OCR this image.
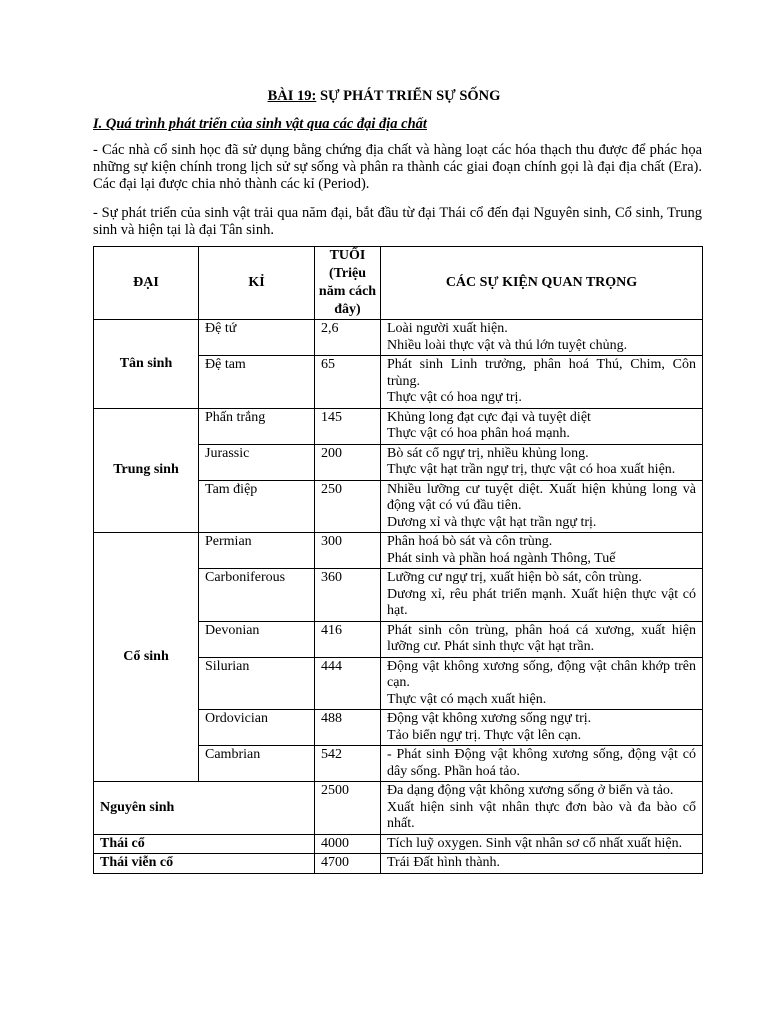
BÀI 19: SỰ PHÁT TRIỂN SỰ SỐNG
I. Quá trình phát triển của sinh vật qua các đại địa chất
- Các nhà cổ sinh học đã sử dụng bằng chứng địa chất và hàng loạt các hóa thạch thu được để phác họa những sự kiện chính trong lịch sử sự sống và phân ra thành các giai đoạn chính gọi là đại địa chất (Era). Các đại lại được chia nhỏ thành các kỉ (Period).
- Sự phát triển của sinh vật trải qua năm đại, bắt đầu từ đại Thái cổ đến đại Nguyên sinh, Cổ sinh, Trung sinh và hiện tại là đại Tân sinh.
ĐẠI	KỈ	TUỔI (Triệu năm cách đây)	CÁC SỰ KIỆN QUAN TRỌNG
Tân sinh	Đệ tứ	2,6	Loài người xuất hiện.
Nhiều loài thực vật và thú lớn tuyệt chủng.

	Đệ tam	65	Phát sinh Linh trưởng, phân hoá Thú, Chim, Côn trùng.
Thực vật có hoa ngự trị.

Trung sinh	Phấn trắng	145	Khủng long đạt cực đại và tuyệt diệt
Thực vật có hoa phân hoá mạnh.

	Jurassic	200	Bò sát cổ ngự trị, nhiều khủng long.
Thực vật hạt trần ngự trị, thực vật có hoa xuất hiện.

	Tam điệp	250	Nhiều lưỡng cư tuyệt diệt. Xuất hiện khủng long và động vật có vú đầu tiên.
Dương xỉ và thực vật hạt trần ngự trị.

Cổ sinh	Permian	300	Phân hoá bò sát và côn trùng.
Phát sinh và phần hoá ngành Thông, Tuế

	Carboniferous	360	Lưỡng cư ngự trị, xuất hiện bò sát, côn trùng.
Dương xỉ, rêu phát triển mạnh. Xuất hiện thực vật có hạt.

	Devonian	416	Phát sinh côn trùng, phân hoá cá xương, xuất hiện lưỡng cư. Phát sinh thực vật hạt trần.

	Silurian	444	Động vật không xương sống, động vật chân khớp trên cạn.
Thực vật có mạch xuất hiện.

	Ordovician	488	Động vật không xương sống ngự trị.
Tảo biển ngự trị. Thực vật lên cạn.

	Cambrian	542	- Phát sinh Động vật không xương sống, động vật có dây sống. Phần hoá tảo.

Nguyên sinh		2500	Đa dạng động vật không xương sống ở biển và tảo.
Xuất hiện sinh vật nhân thực đơn bào và đa bào cổ nhất.

Thái cổ		4000	Tích luỹ oxygen. Sinh vật nhân sơ cổ nhất xuất hiện.

Thái viễn cổ		4700	Trái Đất hình thành.
